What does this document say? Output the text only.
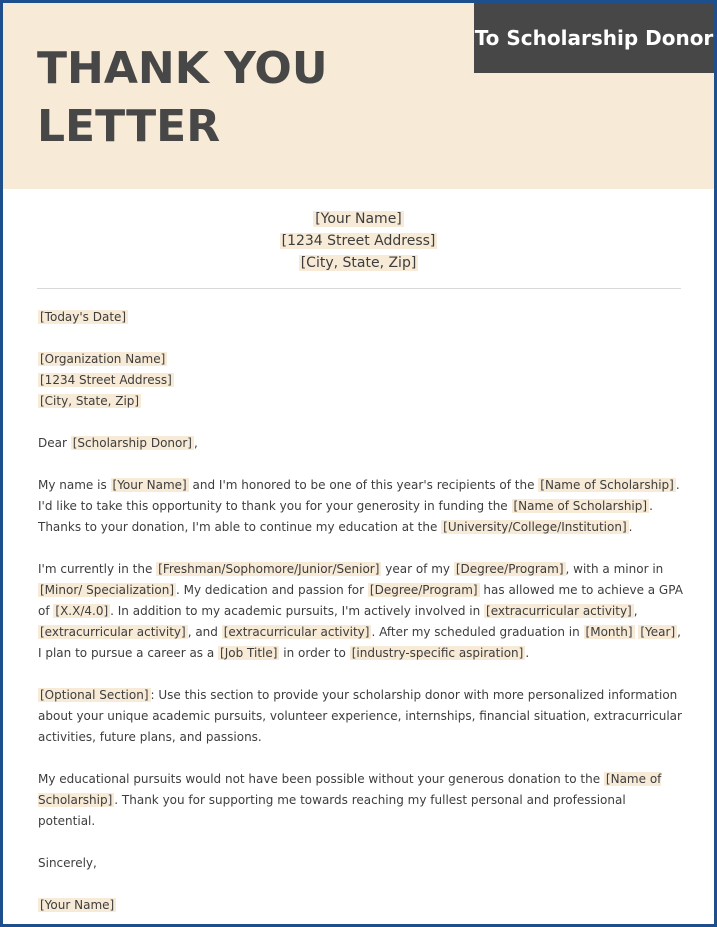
THANK YOU
LETTER
To Scholarship Donor
[Your Name]
[1234 Street Address]
[City, State, Zip]

[Today's Date]

[Organization Name]
[1234 Street Address]
[City, State, Zip]

Dear [Scholarship Donor] ,

My name is [Your Name] and I'm honored to be one of this year's recipients of the [Name of Scholarship] . I'd like to take this opportunity to thank you for your generosity in funding the [Name of Scholarship] . Thanks to your donation, I'm able to continue my education at the [University/College/Institution] .

I'm currently in the [Freshman/Sophomore/Junior/Senior] year of my [Degree/Program] , with a minor in [Minor/ Specialization] . My dedication and passion for [Degree/Program] has allowed me to achieve a GPA of [X.X/4.0] . In addition to my academic pursuits, I'm actively involved in [extracurricular activity] , [extracurricular activity] , and [extracurricular activity] . After my scheduled graduation in [Month] [Year] , I plan to pursue a career as a [Job Title] in order to [industry-specific aspiration] .

[Optional Section] : Use this section to provide your scholarship donor with more personalized information about your unique academic pursuits, volunteer experience, internships, financial situation, extracurricular activities, future plans, and passions.

My educational pursuits would not have been possible without your generous donation to the [Name of Scholarship] . Thank you for supporting me towards reaching my fullest personal and professional potential.

Sincerely,

[Your Name]
